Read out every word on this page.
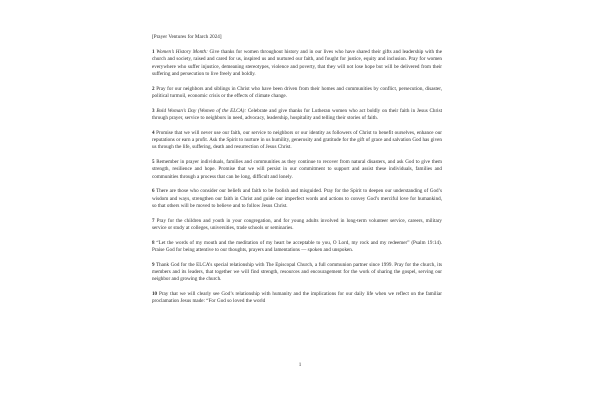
[Prayer Ventures for March 2024]

1 Women’s History Month: Give thanks for women throughout history and in our lives who have shared their gifts and leadership with the church and society, raised and cared for us, inspired us and nurtured our faith, and fought for justice, equity and inclusion. Pray for women everywhere who suffer injustice, demeaning stereotypes, violence and poverty, that they will not lose hope but will be delivered from their suffering and persecution to live freely and boldly.

2 Pray for our neighbors and siblings in Christ who have been driven from their homes and communities by conflict, persecution, disaster, political turmoil, economic crisis or the effects of climate change.

3 Bold Woman’s Day (Women of the ELCA): Celebrate and give thanks for Lutheran women who act boldly on their faith in Jesus Christ through prayer, service to neighbors in need, advocacy, leadership, hospitality and telling their stories of faith.

4 Promise that we will never use our faith, our service to neighbors or our identity as followers of Christ to benefit ourselves, enhance our reputations or earn a profit. Ask the Spirit to nurture in us humility, generosity and gratitude for the gift of grace and salvation God has given us through the life, suffering, death and resurrection of Jesus Christ.

5 Remember in prayer individuals, families and communities as they continue to recover from natural disasters, and ask God to give them strength, resilience and hope. Promise that we will persist in our commitment to support and assist these individuals, families and communities through a process that can be long, difficult and lonely.

6 There are those who consider our beliefs and faith to be foolish and misguided. Pray for the Spirit to deepen our understanding of God’s wisdom and ways, strengthen our faith in Christ and guide our imperfect words and actions to convey God’s merciful love for humankind, so that others will be moved to believe and to follow Jesus Christ.

7 Pray for the children and youth in your congregation, and for young adults involved in long-term volunteer service, careers, military service or study at colleges, universities, trade schools or seminaries.

8 “Let the words of my mouth and the meditation of my heart be acceptable to you, O Lord, my rock and my redeemer” (Psalm 19:14). Praise God for being attentive to our thoughts, prayers and lamentations — spoken and unspoken.

9 Thank God for the ELCA’s special relationship with The Episcopal Church, a full communion partner since 1999. Pray for the church, its members and its leaders, that together we will find strength, resources and encouragement for the work of sharing the gospel, serving our neighbor and growing the church.

10 Pray that we will clearly see God’s relationship with humanity and the implications for our daily life when we reflect on the familiar proclamation Jesus made: “For God so loved the world

1
